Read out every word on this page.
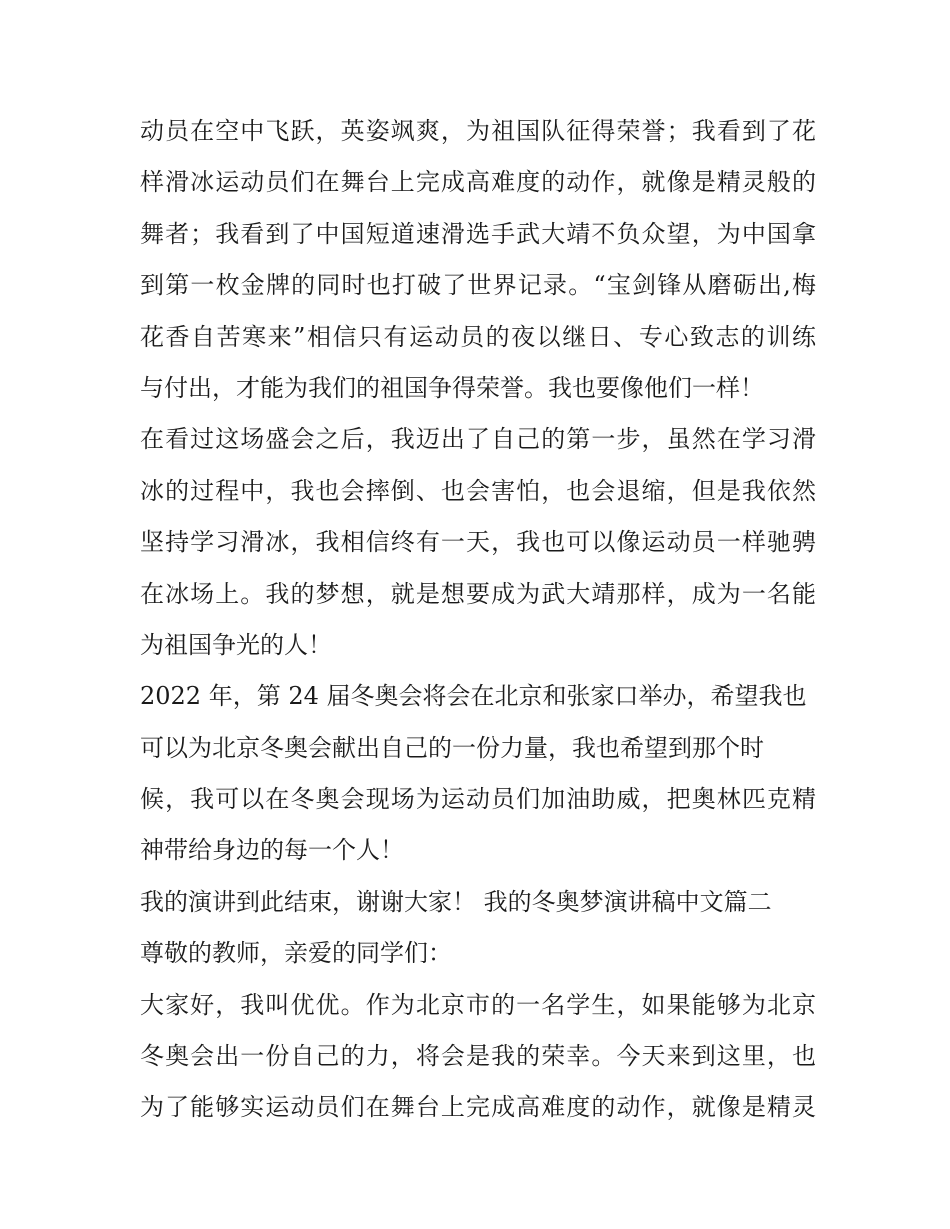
动员在空中飞跃，英姿飒爽，为祖国队征得荣誉；我看到了花
样滑冰运动员们在舞台上完成高难度的动作，就像是精灵般的
舞者；我看到了中国短道速滑选手武大靖不负众望，为中国拿
到第一枚金牌的同时也打破了世界记录。“宝剑锋从磨砺出,梅
花香自苦寒来”相信只有运动员的夜以继日、专心致志的训练
与付出，才能为我们的祖国争得荣誉。我也要像他们一样！
在看过这场盛会之后，我迈出了自己的第一步，虽然在学习滑
冰的过程中，我也会摔倒、也会害怕，也会退缩，但是我依然
坚持学习滑冰，我相信终有一天，我也可以像运动员一样驰骋
在冰场上。我的梦想，就是想要成为武大靖那样，成为一名能
为祖国争光的人！
2022 年，第 24 届冬奥会将会在北京和张家口举办，希望我也
可以为北京冬奥会献出自己的一份力量，我也希望到那个时
候，我可以在冬奥会现场为运动员们加油助威，把奥林匹克精
神带给身边的每一个人！
我的演讲到此结束，谢谢大家！ 我的冬奥梦演讲稿中文篇二
尊敬的教师，亲爱的同学们：
大家好，我叫优优。作为北京市的一名学生，如果能够为北京
冬奥会出一份自己的力，将会是我的荣幸。今天来到这里，也
为了能够实运动员们在舞台上完成高难度的动作，就像是精灵
